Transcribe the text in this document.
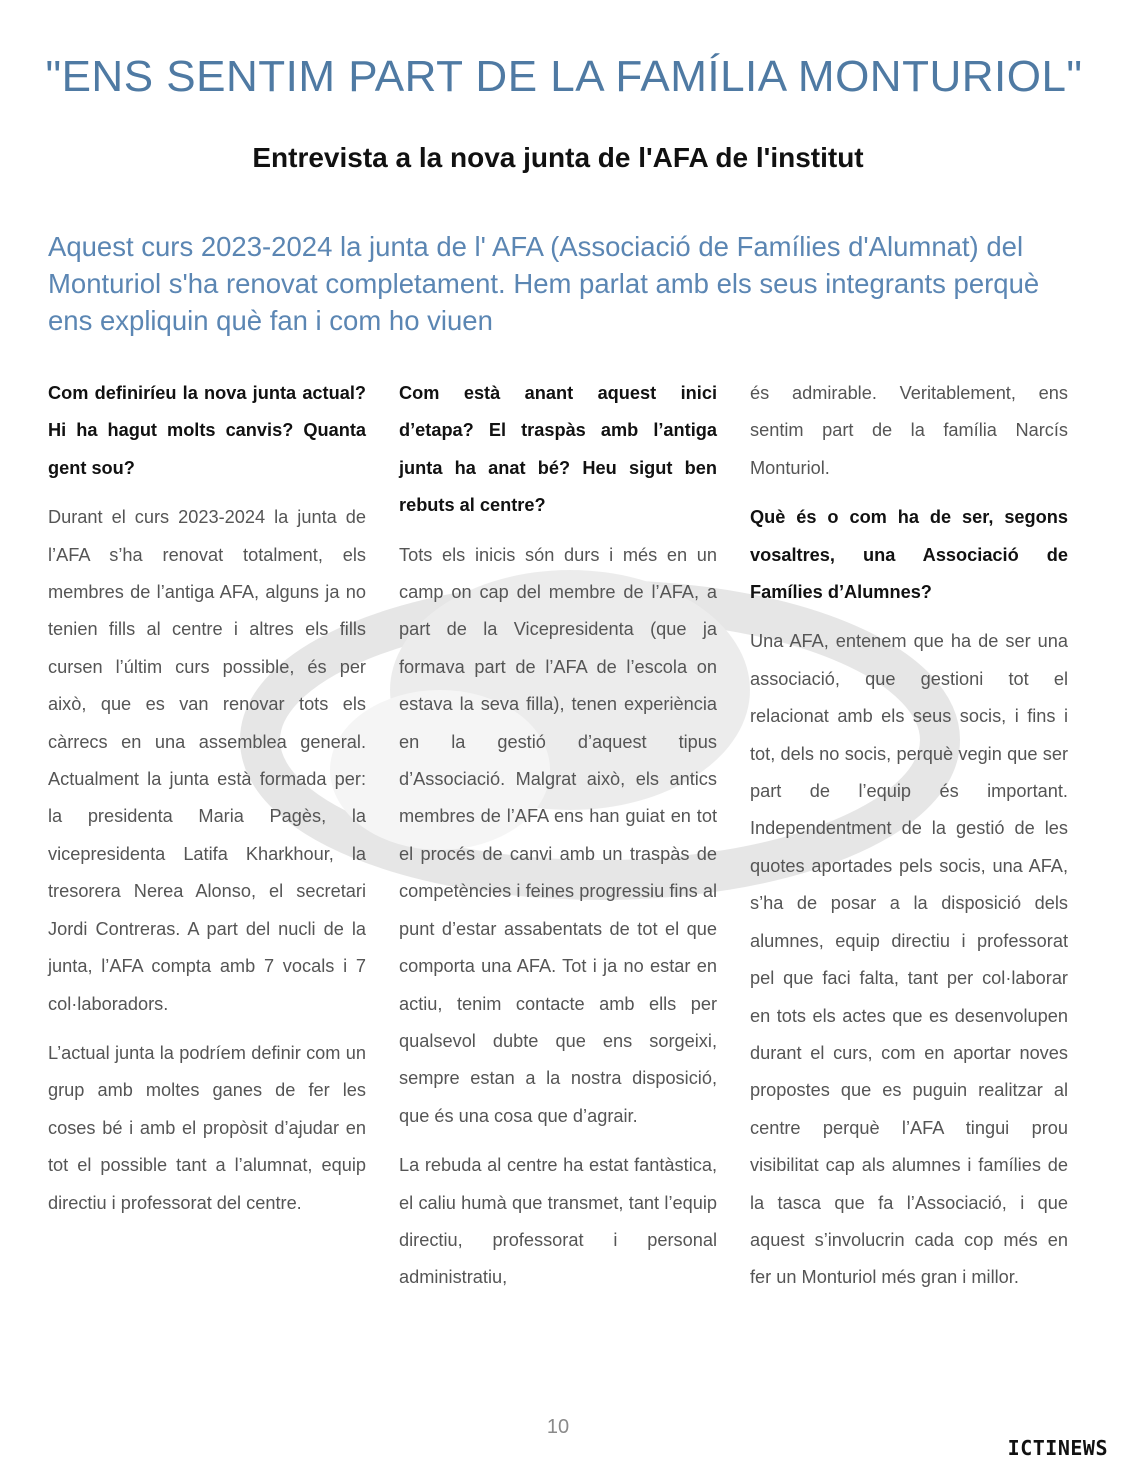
"ENS SENTIM PART DE LA FAMÍLIA MONTURIOL"
Entrevista a la nova junta de l'AFA de l'institut

Aquest curs 2023-2024 la junta de l' AFA (Associació de Famílies d'Alumnat) del Monturiol s'ha renovat completament. Hem parlat amb els seus integrants perquè ens expliquin què fan i com ho viuen

Com definiríeu la nova junta actual? Hi ha hagut molts canvis? Quanta gent sou?

Durant el curs 2023-2024 la junta de l’AFA s’ha renovat totalment, els membres de l’antiga AFA, alguns ja no tenien fills al centre i altres els fills cursen l’últim curs possible, és per això, que es van renovar tots els càrrecs en una assemblea general. Actualment la junta està formada per: la presidenta Maria Pagès, la vicepresidenta Latifa Kharkhour, la tresorera Nerea Alonso, el secretari Jordi Contreras. A part del nucli de la junta, l’AFA compta amb 7 vocals i 7 col·laboradors.

L’actual junta la podríem definir com un grup amb moltes ganes de fer les coses bé i amb el propòsit d’ajudar en tot el possible tant a l’alumnat, equip directiu i professorat del centre.

Com està anant aquest inici d’etapa? El traspàs amb l’antiga junta ha anat bé? Heu sigut ben rebuts al centre?

Tots els inicis són durs i més en un camp on cap del membre de l’AFA, a part de la Vicepresidenta (que ja formava part de l’AFA de l’escola on estava la seva filla), tenen experiència en la gestió d’aquest tipus d’Associació. Malgrat això, els antics membres de l’AFA ens han guiat en tot el procés de canvi amb un traspàs de competències i feines progressiu fins al punt d’estar assabentats de tot el que comporta una AFA. Tot i ja no estar en actiu, tenim contacte amb ells per qualsevol dubte que ens sorgeixi, sempre estan a la nostra disposició, que és una cosa que d’agrair.

La rebuda al centre ha estat fantàstica, el caliu humà que transmet, tant l’equip directiu, professorat i personal administratiu,

és admirable. Veritablement, ens sentim part de la família Narcís Monturiol.

Què és o com ha de ser, segons vosaltres, una Associació de Famílies d’Alumnes?

Una AFA, entenem que ha de ser una associació, que gestioni tot el relacionat amb els seus socis, i fins i tot, dels no socis, perquè vegin que ser part de l’equip és important. Independentment de la gestió de les quotes aportades pels socis, una AFA, s’ha de posar a la disposició dels alumnes, equip directiu i professorat pel que faci falta, tant per col·laborar en tots els actes que es desenvolupen durant el curs, com en aportar noves propostes que es puguin realitzar al centre perquè l’AFA tingui prou visibilitat cap als alumnes i famílies de la tasca que fa l’Associació, i que aquest s’involucrin cada cop més en fer un Monturiol més gran i millor.

10
ICTINEWS
